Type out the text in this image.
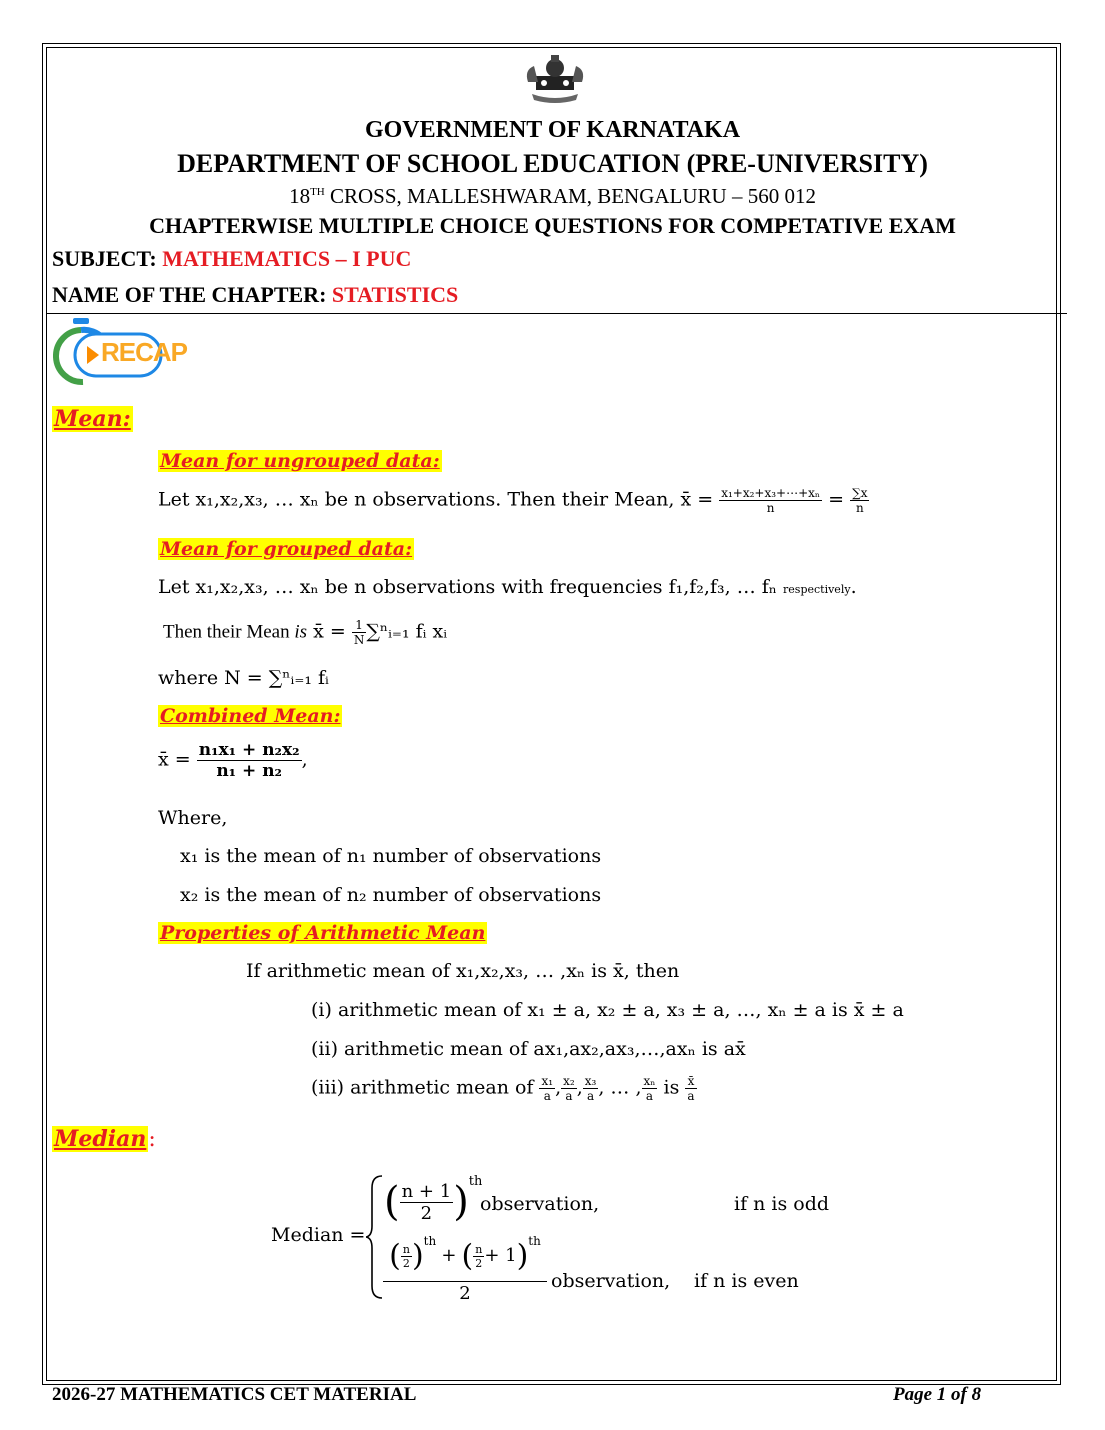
GOVERNMENT OF KARNATAKA
DEPARTMENT OF SCHOOL EDUCATION (PRE-UNIVERSITY)
18TH CROSS, MALLESHWARAM, BENGALURU – 560 012
CHAPTERWISE MULTIPLE CHOICE QUESTIONS FOR COMPETATIVE EXAM
SUBJECT: MATHEMATICS – I PUC
NAME OF THE CHAPTER: STATISTICS
RECAP
Mean:
Mean for ungrouped data:
Let x₁,x₂,x₃, … xₙ be n observations. Then their Mean, x̄ = $\frac{\text{x₁+x₂+x₃+⋯+xₙ}}{n} = \frac{\sum x}{n}$
Mean for grouped data:
Let x₁,x₂,x₃, … xₙ be n observations with frequencies f₁,f₂,f₃, … fₙ respectively.
Then their Mean is x̄ = $\frac{1}{N}$ ∑ⁿᵢ₌₁ fᵢ xᵢ
where N = ∑ⁿᵢ₌₁ fᵢ
Combined Mean:
x̄ = $\frac{\text{n₁x₁ + n₂x₂}}{\text{n₁ + n₂}}$ ,
Where,
x₁ is the mean of n₁ number of observations
x₂ is the mean of n₂ number of observations
Properties of Arithmetic Mean
If arithmetic mean of x₁,x₂,x₃, … ,xₙ is x̄, then
(i) arithmetic mean of x₁ ± a, x₂ ± a, x₃ ± a, …, xₙ ± a is x̄ ± a
(ii) arithmetic mean of ax₁,ax₂,ax₃,…,axₙ is ax̄
(iii) arithmetic mean of $\frac{\text{x₁}}{a}$ , $\frac{\text{x₂}}{a}$ , $\frac{\text{x₃}}{a}$ , … , $\frac{\text{xₙ}}{a}$ is $\frac{x̄}{a}$
Median:
Median =
( $\frac{n + 1}{2} )^{th}$
observation,	if n is odd
( $\frac{n}{2} )^{th}$ + ( $\frac{n}{2} + 1)^{th}$
2
observation, if n is even
2026-27 MATHEMATICS CET MATERIAL	Page 1 of 8
